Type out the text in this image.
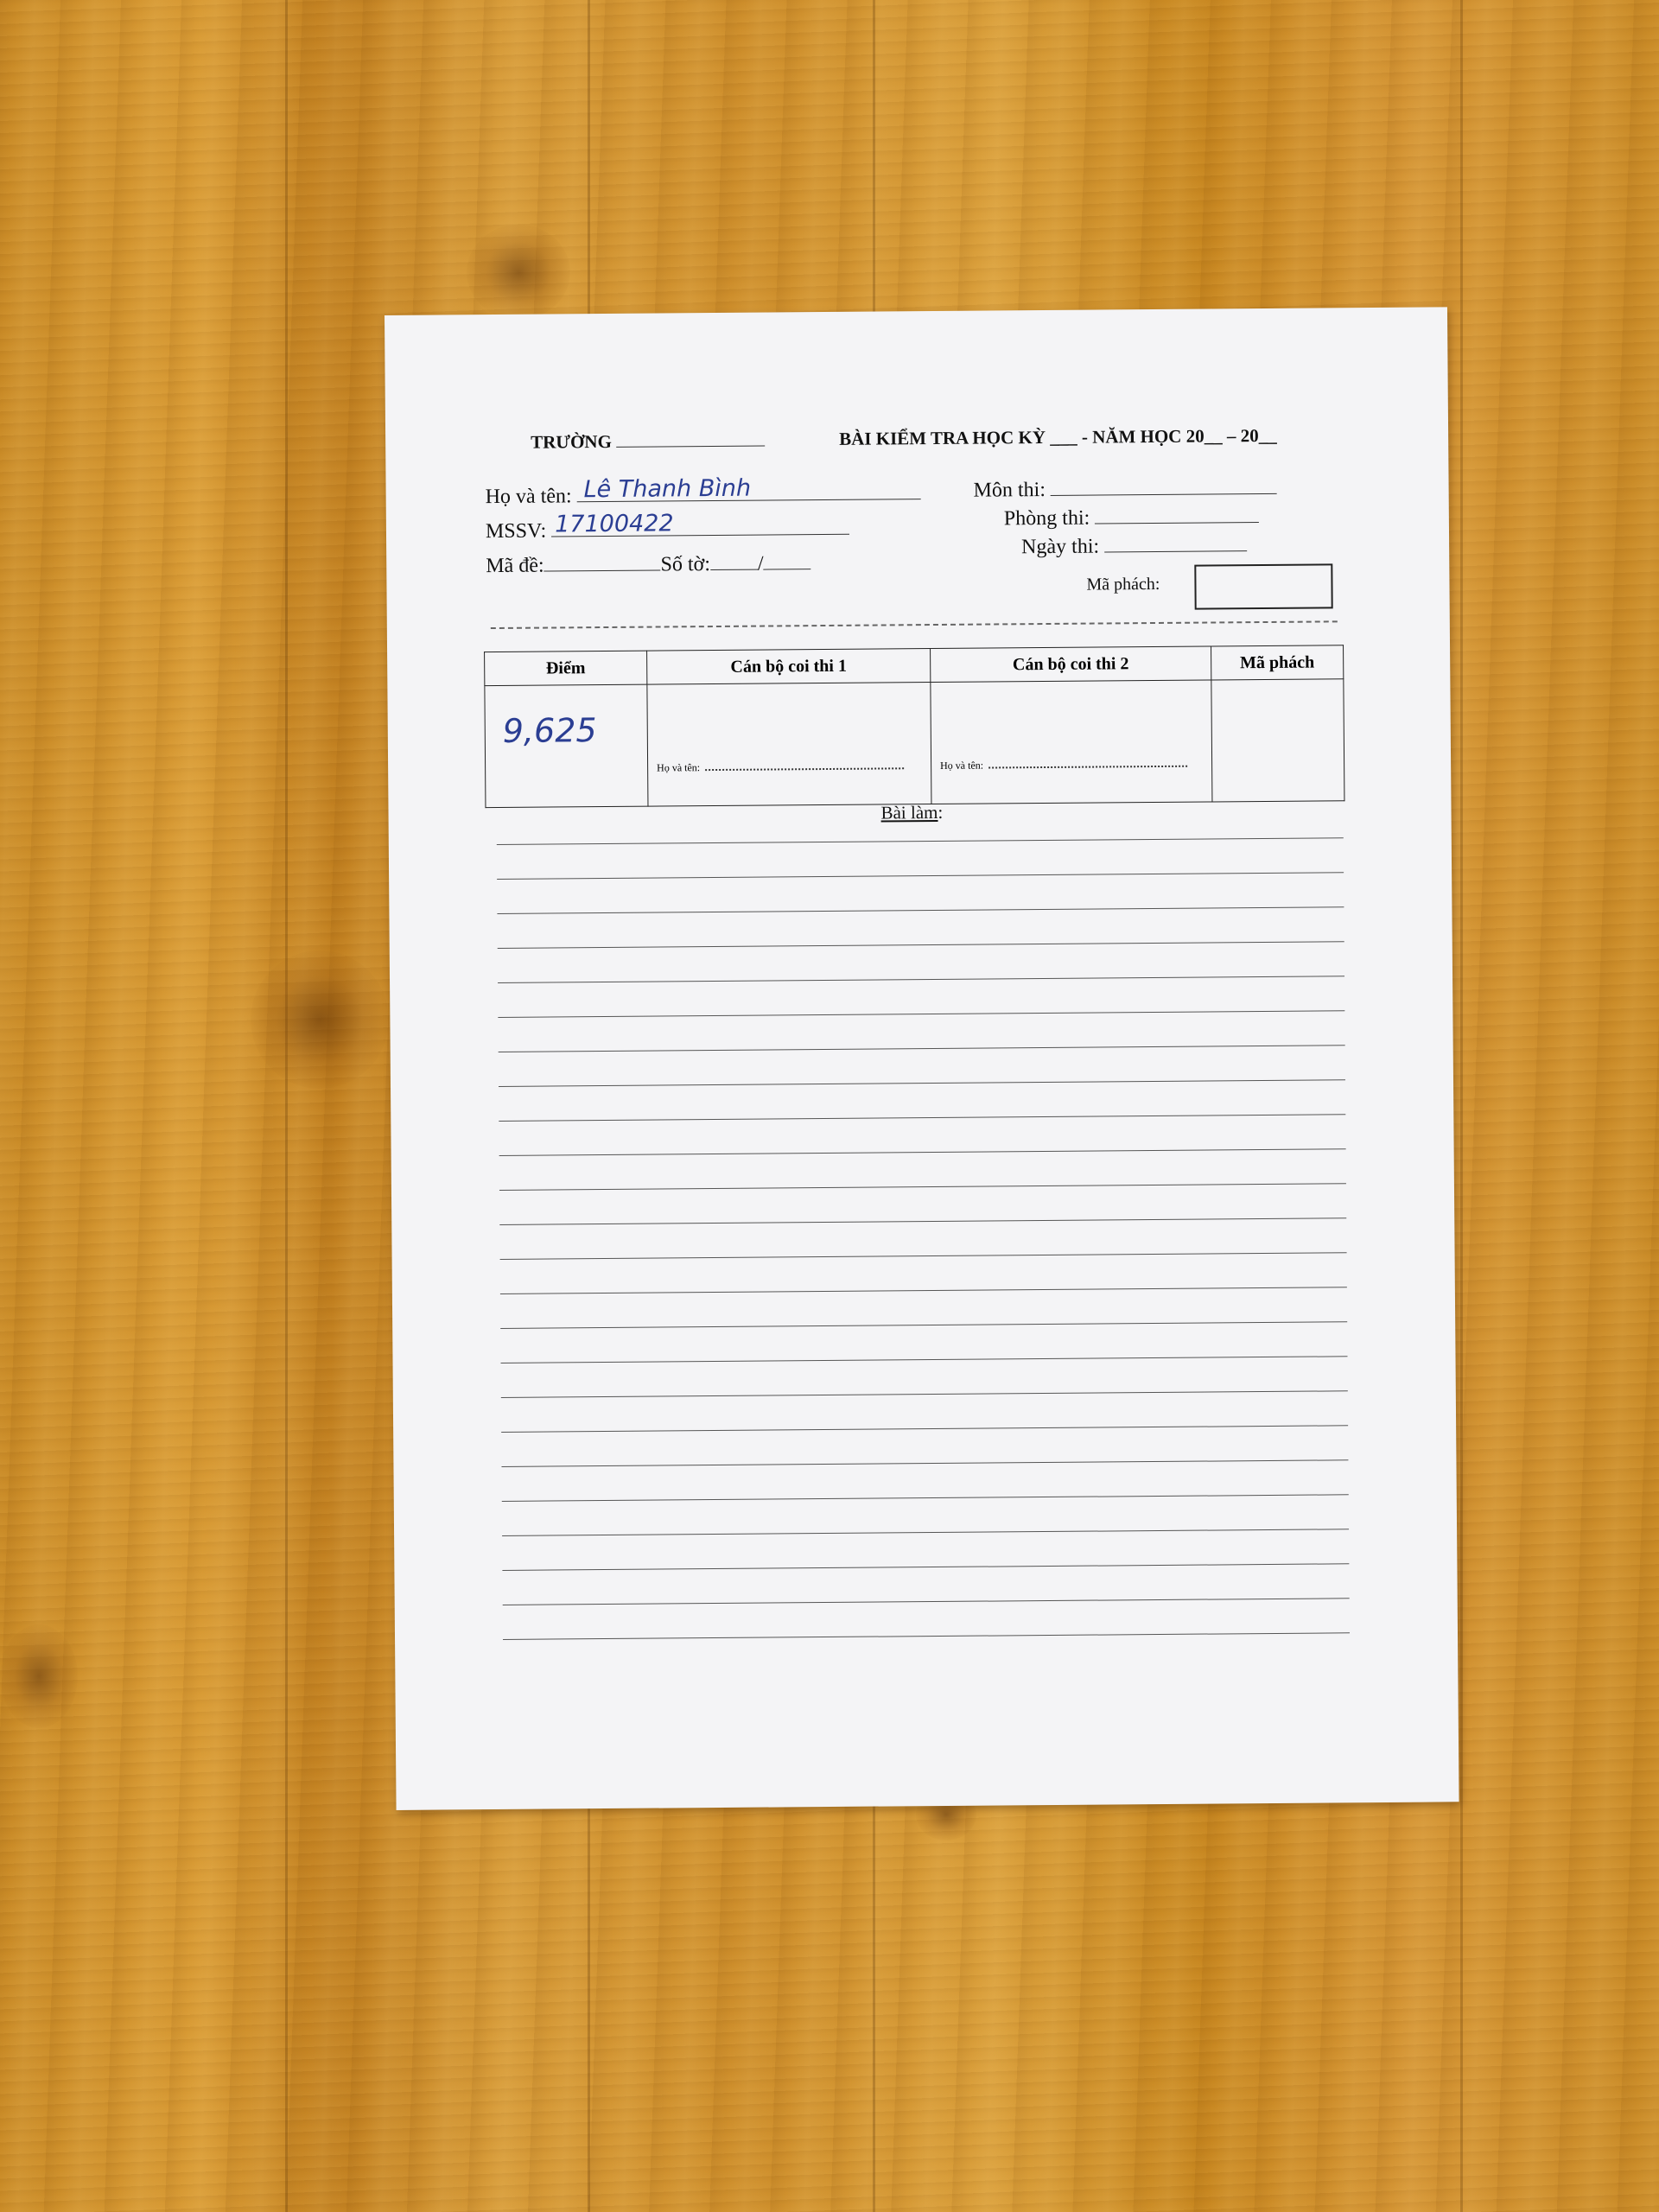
TRƯỜNG	BÀI KIỂM TRA HỌC KỲ ___ - NĂM HỌC 20__ – 20__
Họ và tên: Lê Thanh Bình
MSSV: 17100422
Mã đề:	Số tờ: /
Môn thi:
Phòng thi:
Ngày thi:
Mã phách:
Điểm	Cán bộ coi thi 1	Cán bộ coi thi 2	Mã phách

9,625	Họ và tên:	Họ và tên:	

Bài làm:
